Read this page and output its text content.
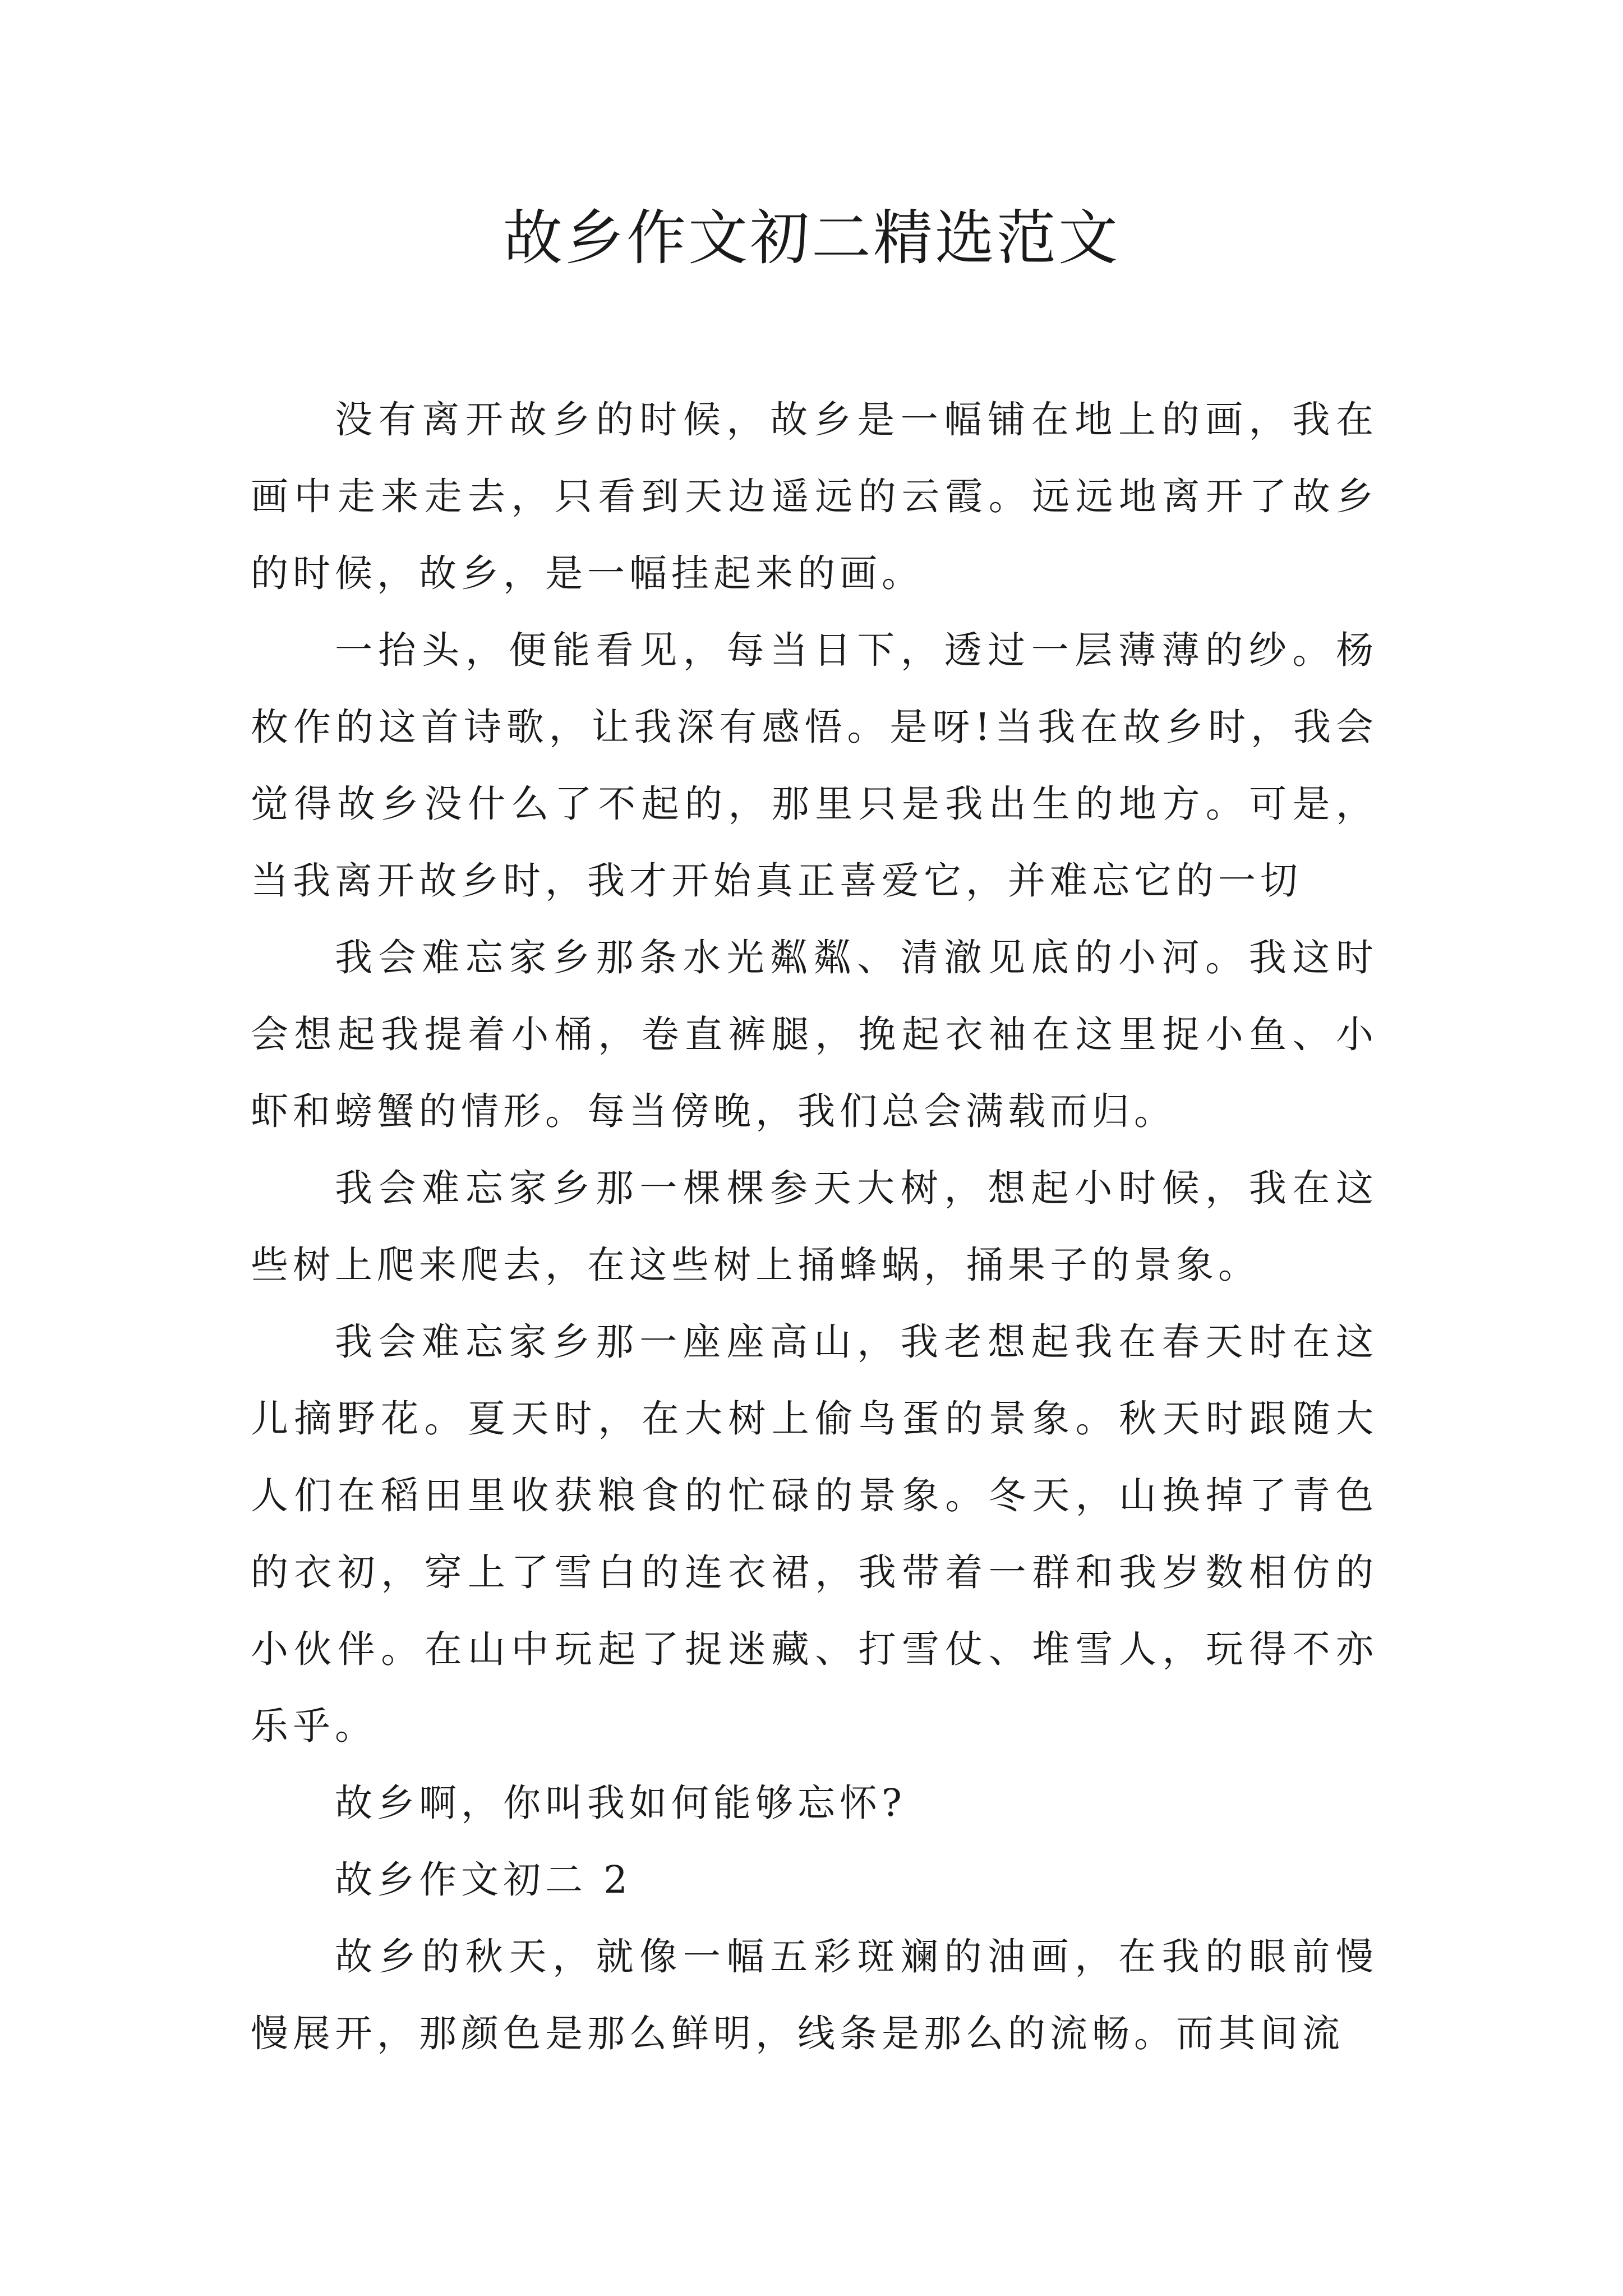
故乡作文初二精选范文

没有离开故乡的时候，故乡是一幅铺在地上的画，我在画中走来走去，只看到天边遥远的云霞。远远地离开了故乡的时候，故乡，是一幅挂起来的画。

一抬头，便能看见，每当日下，透过一层薄薄的纱。杨枚作的这首诗歌，让我深有感悟。是呀!当我在故乡时，我会觉得故乡没什么了不起的，那里只是我出生的地方。可是，当我离开故乡时，我才开始真正喜爱它，并难忘它的一切

我会难忘家乡那条水光粼粼、清澈见底的小河。我这时会想起我提着小桶，卷直裤腿，挽起衣袖在这里捉小鱼、小虾和螃蟹的情形。每当傍晚，我们总会满载而归。

我会难忘家乡那一棵棵参天大树，想起小时候，我在这些树上爬来爬去，在这些树上捅蜂蜗，捅果子的景象。

我会难忘家乡那一座座高山，我老想起我在春天时在这儿摘野花。夏天时，在大树上偷鸟蛋的景象。秋天时跟随大人们在稻田里收获粮食的忙碌的景象。冬天，山换掉了青色的衣初，穿上了雪白的连衣裙，我带着一群和我岁数相仿的小伙伴。在山中玩起了捉迷藏、打雪仗、堆雪人，玩得不亦乐乎。

故乡啊，你叫我如何能够忘怀?

故乡作文初二 2

故乡的秋天，就像一幅五彩斑斓的油画，在我的眼前慢慢展开，那颜色是那么鲜明，线条是那么的流畅。而其间流
